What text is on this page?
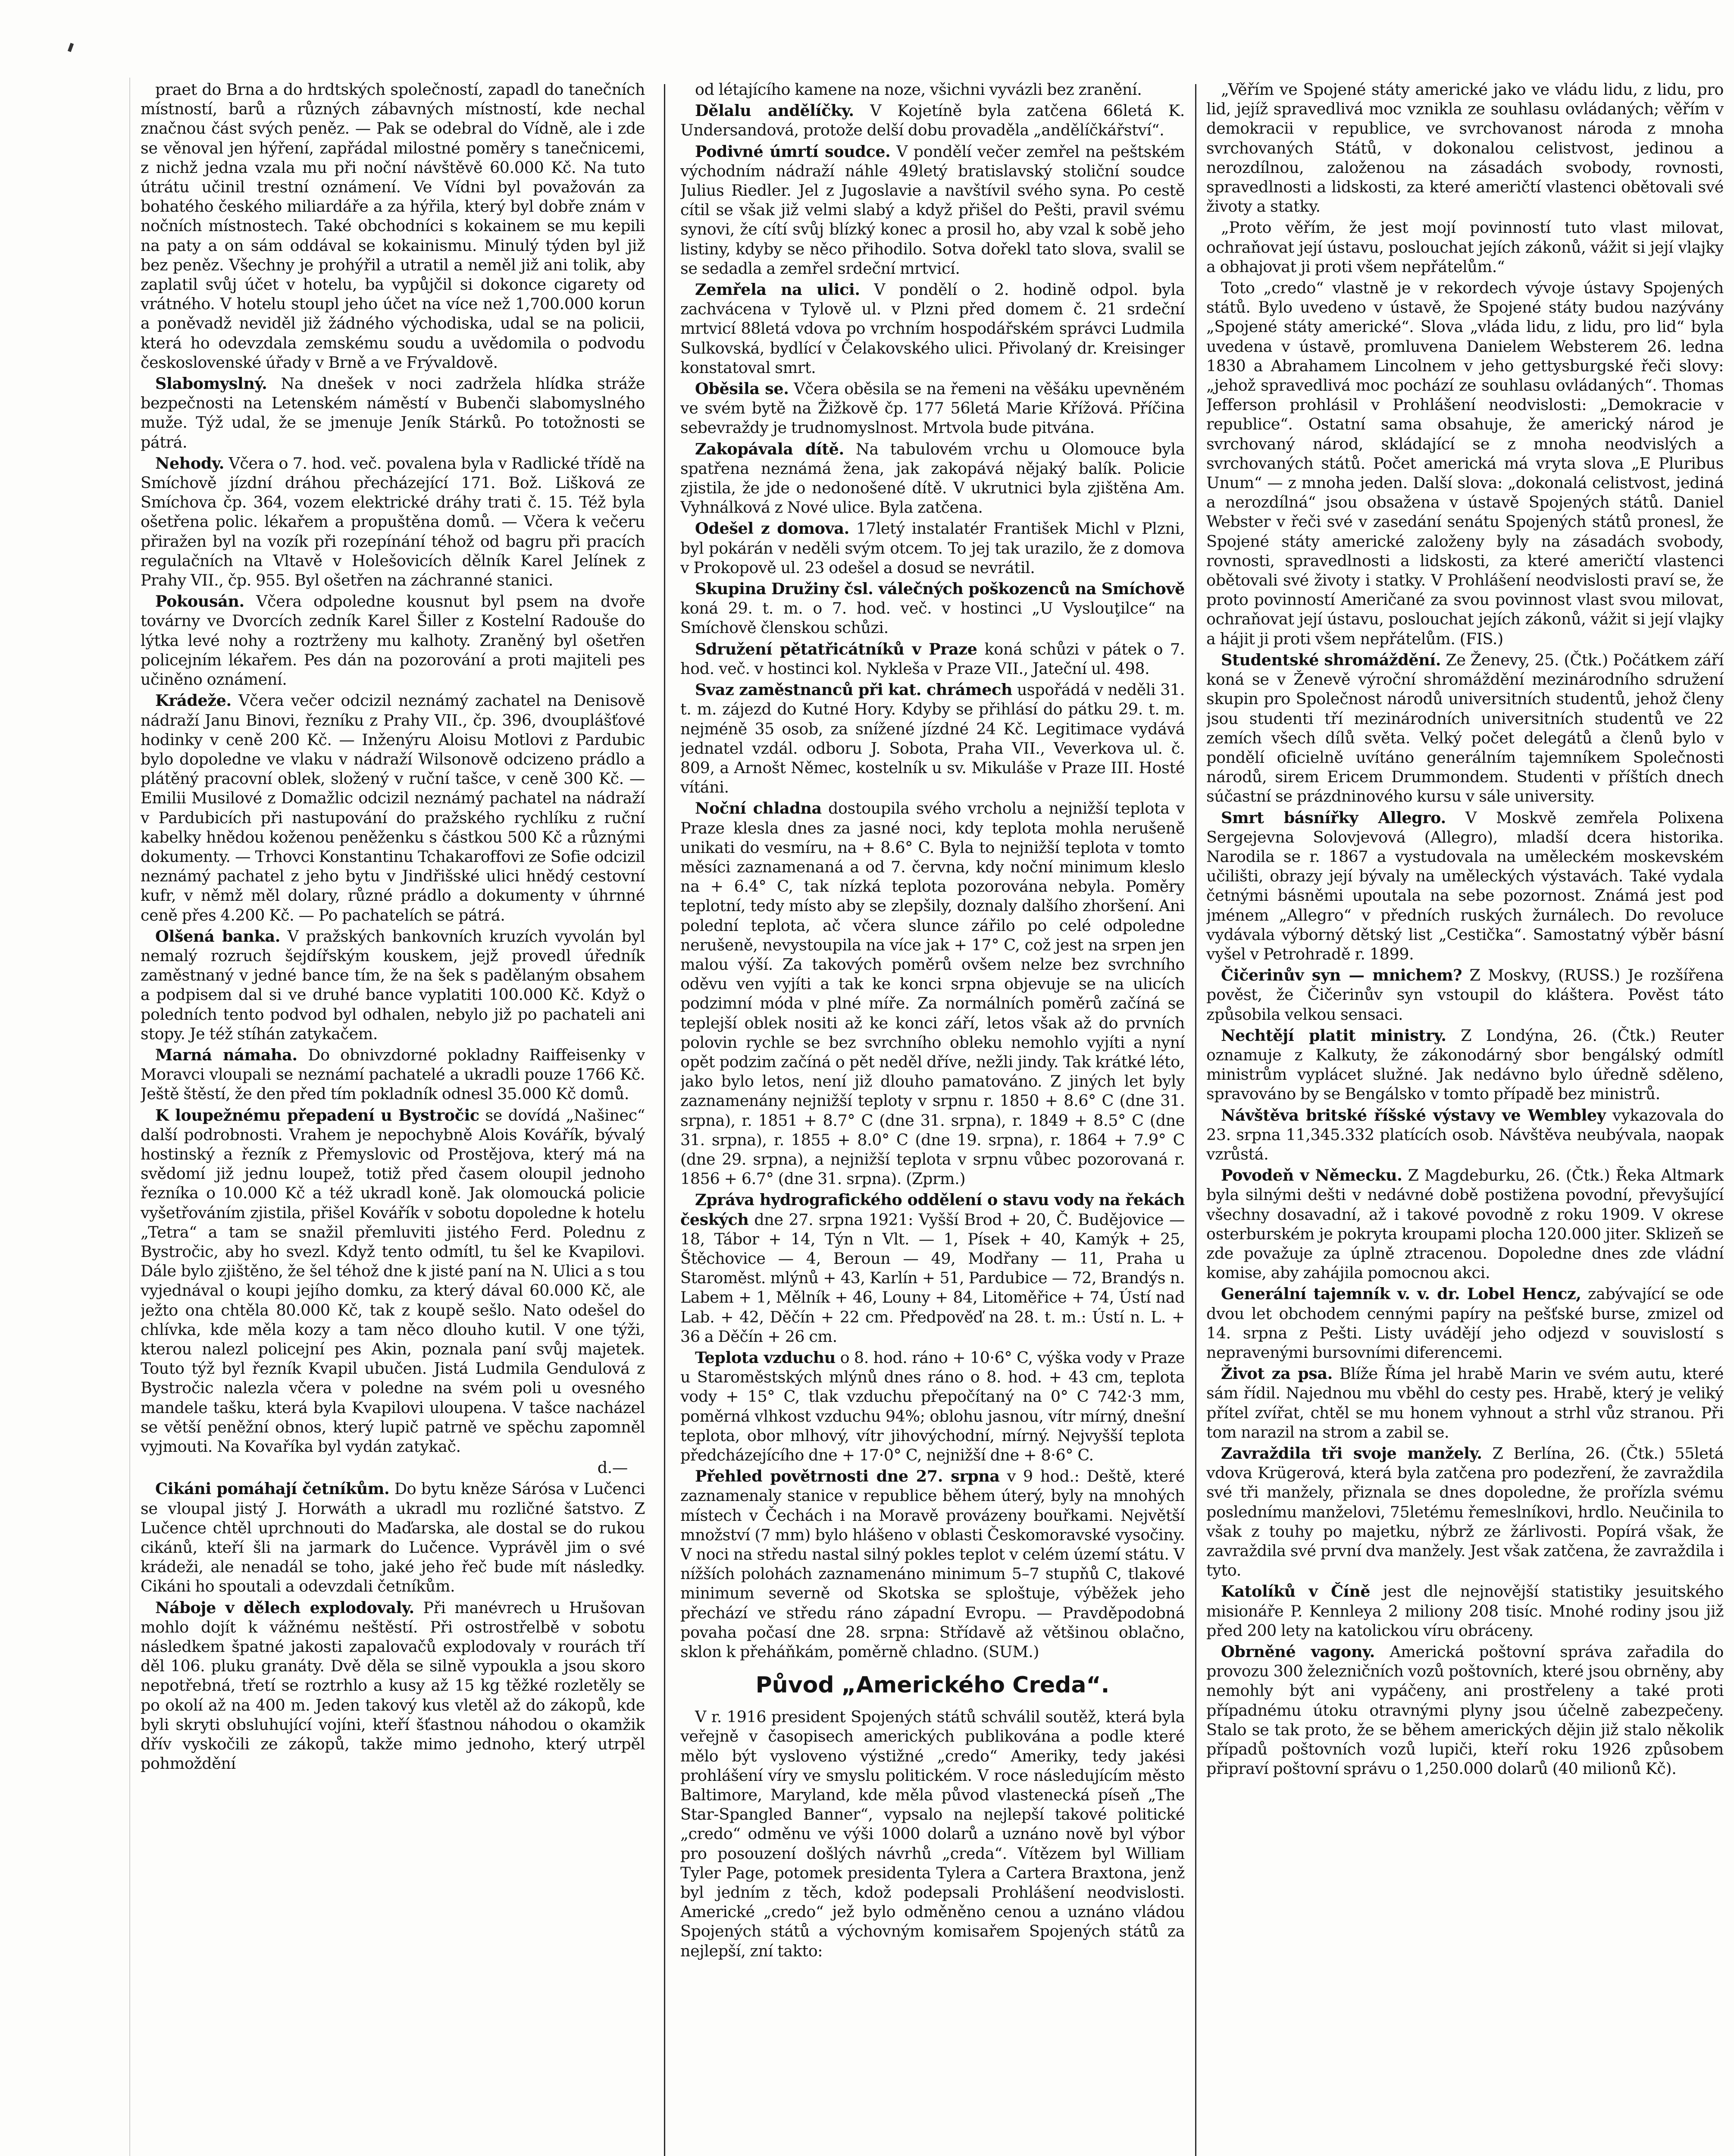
praet do Brna a do hrdtských společností, zapadl do tanečních místností, barů a různých zábavných místností, kde nechal značnou část svých peněz. — Pak se odebral do Vídně, ale i zde se věnoval jen hýření, zapřádal milostné poměry s tanečnicemi, z nichž jedna vzala mu při noční návštěvě 60.000 Kč. Na tuto útrátu učinil trestní oznámení. Ve Vídni byl považován za bohatého českého miliardáře a za hýřila, který byl dobře znám v nočních místnostech. Také obchodníci s kokainem se mu kepili na paty a on sám oddával se kokainismu. Minulý týden byl již bez peněz. Všechny je prohýřil a utratil a neměl již ani tolik, aby zaplatil svůj účet v hotelu, ba vypůjčil si dokonce cigarety od vrátného. V hotelu stoupl jeho účet na více než 1,700.000 korun a poněvadž neviděl již žádného východiska, udal se na policii, která ho odevzdala zemskému soudu a uvědomila o podvodu československé úřady v Brně a ve Frývaldově.

Slabomyslný. Na dnešek v noci zadržela hlídka stráže bezpečnosti na Letenském náměstí v Bubenči slabomyslného muže. Týž udal, že se jmenuje Jeník Stárků. Po totožnosti se pátrá.

Nehody. Včera o 7. hod. več. povalena byla v Radlické třídě na Smíchově jízdní dráhou přecházející 171. Bož. Lišková ze Smíchova čp. 364, vozem elektrické dráhy trati č. 15. Též byla ošetřena polic. lékařem a propuštěna domů. — Včera k večeru přiražen byl na vozík při rozepínání téhož od bagru při pracích regulačních na Vltavě v Holešovicích dělník Karel Jelínek z Prahy VII., čp. 955. Byl ošetřen na záchranné stanici.

Pokousán. Včera odpoledne kousnut byl psem na dvoře továrny ve Dvorcích zedník Karel Šiller z Kostelní Radouše do lýtka levé nohy a roztrženy mu kalhoty. Zraněný byl ošetřen policejním lékařem. Pes dán na pozorování a proti majiteli pes učiněno oznámení.

Krádeže. Včera večer odcizil neznámý zachatel na Denisově nádraží Janu Binovi, řezníku z Prahy VII., čp. 396, dvouplášťové hodinky v ceně 200 Kč. — Inženýru Aloisu Motlovi z Pardubic bylo dopoledne ve vlaku v nádraží Wilsonově odcizeno prádlo a plátěný pracovní oblek, složený v ruční tašce, v ceně 300 Kč. — Emilii Musilové z Domažlic odcizil neznámý pachatel na nádraží v Pardubicích při nastupování do pražského rychlíku z ruční kabelky hnědou koženou peněženku s částkou 500 Kč a různými dokumenty. — Trhovci Konstantinu Tchakaroffovi ze Sofie odcizil neznámý pachatel z jeho bytu v Jindřišské ulici hnědý cestovní kufr, v němž měl dolary, různé prádlo a dokumenty v úhrnné ceně přes 4.200 Kč. — Po pachatelích se pátrá.

Olšená banka. V pražských bankovních kruzích vyvolán byl nemalý rozruch šejdířským kouskem, jejž provedl úředník zaměstnaný v jedné bance tím, že na šek s padělaným obsahem a podpisem dal si ve druhé bance vyplatiti 100.000 Kč. Když o poledních tento podvod byl odhalen, nebylo již po pachateli ani stopy. Je též stíhán zatykačem.

Marná námaha. Do obnivzdorné pokladny Raiffeisenky v Moravci vloupali se neznámí pachatelé a ukradli pouze 1766 Kč. Ještě štěstí, že den před tím pokladník odnesl 35.000 Kč domů.

K loupežnému přepadení u Bystročic se dovídá „Našinec“ další podrobnosti. Vrahem je nepochybně Alois Kovářík, bývalý hostinský a řezník z Přemyslovic od Prostějova, který má na svědomí již jednu loupež, totiž před časem oloupil jednoho řezníka o 10.000 Kč a též ukradl koně. Jak olomoucká policie vyšetřováním zjistila, přišel Kovářík v sobotu dopoledne k hotelu „Tetra“ a tam se snažil přemluviti jistého Ferd. Polednu z Bystročic, aby ho svezl. Když tento odmítl, tu šel ke Kvapilovi. Dále bylo zjištěno, že šel téhož dne k jisté paní na N. Ulici a s tou vyjednával o koupi jejího domku, za který dával 60.000 Kč, ale ježto ona chtěla 80.000 Kč, tak z koupě sešlo. Nato odešel do chlívka, kde měla kozy a tam něco dlouho kutil. V one týži, kterou nalezl policejní pes Akin, poznala paní svůj majetek. Touto týž byl řezník Kvapil ubučen. Jistá Ludmila Gendulová z Bystročic nalezla včera v poledne na svém poli u ovesného mandele tašku, která byla Kvapilovi uloupena. V tašce nacházel se větší peněžní obnos, který lupič patrně ve spěchu zapomněl vyjmouti. Na Kovaříka byl vydán zatykač.

d.—

Cikáni pomáhají četníkům. Do bytu kněze Sárósa v Lučenci se vloupal jistý J. Horwáth a ukradl mu rozličné šatstvo. Z Lučence chtěl uprchnouti do Maďarska, ale dostal se do rukou cikánů, kteří šli na jarmark do Lučence. Vyprávěl jim o své krádeži, ale nenadál se toho, jaké jeho řeč bude mít následky. Cikáni ho spoutali a odevzdali četníkům.

Náboje v dělech explodovaly. Při manévrech u Hrušovan mohlo dojít k vážnému neštěstí. Při ostrostřelbě v sobotu následkem špatné jakosti zapalovačů explodovaly v rourách tří děl 106. pluku granáty. Dvě děla se silně vypoukla a jsou skoro nepotřebná, třetí se roztrhlo a kusy až 15 kg těžké rozletěly se po okolí až na 400 m. Jeden takový kus vletěl až do zákopů, kde byli skryti obsluhující vojíni, kteří šťastnou náhodou o okamžik dřív vyskočili ze zákopů, takže mimo jednoho, který utrpěl pohmoždění

od létajícího kamene na noze, všichni vyvázli bez zranění.

Dělalu andělíčky. V Kojetíně byla zatčena 66letá K. Undersandová, protože delší dobu provaděla „andělíčkářství“.

Podivné úmrtí soudce. V pondělí večer zemřel na peštském východním nádraží náhle 49letý bratislavský stoliční soudce Julius Riedler. Jel z Jugoslavie a navštívil svého syna. Po cestě cítil se však již velmi slabý a když přišel do Pešti, pravil svému synovi, že cítí svůj blízký konec a prosil ho, aby vzal k sobě jeho listiny, kdyby se něco přihodilo. Sotva dořekl tato slova, svalil se se sedadla a zemřel srdeční mrtvicí.

Zemřela na ulici. V pondělí o 2. hodině odpol. byla zachvácena v Tylově ul. v Plzni před domem č. 21 srdeční mrtvicí 88letá vdova po vrchním hospodářském správci Ludmila Sulkovská, bydlící v Čelakovského ulici. Přivolaný dr. Kreisinger konstatoval smrt.

Oběsila se. Včera oběsila se na řemeni na věšáku upevněném ve svém bytě na Žižkově čp. 177 56letá Marie Křížová. Příčina sebevraždy je trudnomyslnost. Mrtvola bude pitvána.

Zakopávala dítě. Na tabulovém vrchu u Olomouce byla spatřena neznámá žena, jak zakopává nějaký balík. Policie zjistila, že jde o nedonošené dítě. V ukrutnici byla zjištěna Am. Vyhnálková z Nové ulice. Byla zatčena.

Odešel z domova. 17letý instalatér František Michl v Plzni, byl pokárán v neděli svým otcem. To jej tak urazilo, že z domova v Prokopově ul. 23 odešel a dosud se nevrátil.

Skupina Družiny čsl. válečných poškozenců na Smíchově koná 29. t. m. o 7. hod. več. v hostinci „U Vyslouţilce“ na Smíchově členskou schůzi.

Sdružení pětatřicátníků v Praze koná schůzi v pátek o 7. hod. več. v hostinci kol. Nykleša v Praze VII., Jateční ul. 498.

Svaz zaměstnanců při kat. chrámech uspořádá v neděli 31. t. m. zájezd do Kutné Hory. Kdyby se přihlásí do pátku 29. t. m. nejméně 35 osob, za snížené jízdné 24 Kč. Legitimace vydává jednatel vzdál. odboru J. Sobota, Praha VII., Veverkova ul. č. 809, a Arnošt Němec, kostelník u sv. Mikuláše v Praze III. Hosté vítáni.

Noční chladna dostoupila svého vrcholu a nejnižší teplota v Praze klesla dnes za jasné noci, kdy teplota mohla nerušeně unikati do vesmíru, na + 8.6° C. Byla to nejnižší teplota v tomto měsíci zaznamenaná a od 7. června, kdy noční minimum kleslo na + 6.4° C, tak nízká teplota pozorována nebyla. Poměry teplotní, tedy místo aby se zlepšily, doznaly dalšího zhoršení. Ani polední teplota, ač včera slunce zářilo po celé odpoledne nerušeně, nevystoupila na více jak + 17° C, což jest na srpen jen malou výší. Za takových poměrů ovšem nelze bez svrchního oděvu ven vyjíti a tak ke konci srpna objevuje se na ulicích podzimní móda v plné míře. Za normálních poměrů začíná se teplejší oblek nositi až ke konci září, letos však až do prvních polovin rychle se bez svrchního obleku nemohlo vyjíti a nyní opět podzim začíná o pět neděl dříve, nežli jindy. Tak krátké léto, jako bylo letos, není již dlouho pamatováno. Z jiných let byly zaznamenány nejnižší teploty v srpnu r. 1850 + 8.6° C (dne 31. srpna), r. 1851 + 8.7° C (dne 31. srpna), r. 1849 + 8.5° C (dne 31. srpna), r. 1855 + 8.0° C (dne 19. srpna), r. 1864 + 7.9° C (dne 29. srpna), a nejnižší teplota v srpnu vůbec pozorovaná r. 1856 + 6.7° (dne 31. srpna). (Zprm.)

Zpráva hydrografického oddělení o stavu vody na řekách českých dne 27. srpna 1921: Vyšší Brod + 20, Č. Budějovice — 18, Tábor + 14, Týn n Vlt. — 1, Písek + 40, Kamýk + 25, Štěchovice — 4, Beroun — 49, Modřany — 11, Praha u Staroměst. mlýnů + 43, Karlín + 51, Pardubice — 72, Brandýs n. Labem + 1, Mělník + 46, Louny + 84, Litoměřice + 74, Ústí nad Lab. + 42, Děčín + 22 cm. Předpověď na 28. t. m.: Ústí n. L. + 36 a Děčín + 26 cm.

Teplota vzduchu o 8. hod. ráno + 10·6° C, výška vody v Praze u Staroměstských mlýnů dnes ráno o 8. hod. + 43 cm, teplota vody + 15° C, tlak vzduchu přepočítaný na 0° C 742·3 mm, poměrná vlhkost vzduchu 94%; oblohu jasnou, vítr mírný, dnešní teplota, obor mlhový, vítr jihovýchodní, mírný. Nejvyšší teplota předcházejícího dne + 17·0° C, nejnižší dne + 8·6° C.

Přehled povětrnosti dne 27. srpna v 9 hod.: Deště, které zaznamenaly stanice v republice během úterý, byly na mnohých místech v Čechách i na Moravě provázeny bouřkami. Největší množství (7 mm) bylo hlášeno v oblasti Českomoravské vysočiny. V noci na středu nastal silný pokles teplot v celém území státu. V nížších polohách zaznamenáno minimum 5–7 stupňů C, tlakové minimum severně od Skotska se sploštuje, výběžek jeho přechází ve středu ráno západní Evropu. — Pravděpodobná povaha počasí dne 28. srpna: Střídavě až většinou oblačno, sklon k přeháňkám, poměrně chladno. (SUM.)

Původ „Amerického Creda“.

V r. 1916 president Spojených států schválil soutěž, která byla veřejně v časopisech amerických publikována a podle které mělo být vysloveno výstižné „credo“ Ameriky, tedy jakési prohlášení víry ve smyslu politickém. V roce následujícím město Baltimore, Maryland, kde měla původ vlastenecká píseň „The Star-Spangled Banner“, vypsalo na nejlepší takové politické „credo“ odměnu ve výši 1000 dolarů a uznáno nově byl výbor pro posouzení došlých návrhů „creda“. Vítězem byl William Tyler Page, potomek presidenta Tylera a Cartera Braxtona, jenž byl jedním z těch, kdož podepsali Prohlášení neodvislosti. Americké „credo“ jež bylo odměněno cenou a uznáno vládou Spojených států a výchovným komisařem Spojených států za nejlepší, zní takto:

„Věřím ve Spojené státy americké jako ve vládu lidu, z lidu, pro lid, jejíž spravedlivá moc vznikla ze souhlasu ovládaných; věřím v demokracii v republice, ve svrchovanost národa z mnoha svrchovaných Států, v dokonalou celistvost, jedinou a nerozdílnou, založenou na zásadách svobody, rovnosti, spravedlnosti a lidskosti, za které američtí vlastenci obětovali své životy a statky.

„Proto věřím, že jest mojí povinností tuto vlast milovat, ochraňovat její ústavu, poslouchat jejích zákonů, vážit si její vlajky a obhajovat ji proti všem nepřátelům.“

Toto „credo“ vlastně je v rekordech vývoje ústavy Spojených států. Bylo uvedeno v ústavě, že Spojené státy budou nazývány „Spojené státy americké“. Slova „vláda lidu, z lidu, pro lid“ byla uvedena v ústavě, promluvena Danielem Websterem 26. ledna 1830 a Abrahamem Lincolnem v jeho gettysburgské řeči slovy: „jehož spravedlivá moc pochází ze souhlasu ovládaných“. Thomas Jefferson prohlásil v Prohlášení neodvislosti: „Demokracie v republice“. Ostatní sama obsahuje, že americký národ je svrchovaný národ, skládající se z mnoha neodvislých a svrchovaných států. Počet americká má vryta slova „E Pluribus Unum“ — z mnoha jeden. Další slova: „dokonalá celistvost, jediná a nerozdílná“ jsou obsažena v ústavě Spojených států. Daniel Webster v řeči své v zasedání senátu Spojených států pronesl, že Spojené státy americké založeny byly na zásadách svobody, rovnosti, spravedlnosti a lidskosti, za které američtí vlastenci obětovali své životy i statky. V Prohlášení neodvislosti praví se, že proto povinností Američané za svou povinnost vlast svou milovat, ochraňovat její ústavu, poslouchat jejích zákonů, vážit si její vlajky a hájit ji proti všem nepřátelům. (FIS.)

Studentské shromáždění. Ze Ženevy, 25. (Čtk.) Počátkem září koná se v Ženevě výroční shromáždění mezinárodního sdružení skupin pro Společnost národů universitních studentů, jehož členy jsou studenti tří mezinárodních universitních studentů ve 22 zemích všech dílů světa. Velký počet delegátů a členů bylo v pondělí oficielně uvítáno generálním tajemníkem Společnosti národů, sirem Ericem Drummondem. Studenti v příštích dnech súčastní se prázdninového kursu v sále university.

Smrt básnířky Allegro. V Moskvě zemřela Polixena Sergejevna Solovjevová (Allegro), mladší dcera historika. Narodila se r. 1867 a vystudovala na uměleckém moskevském učilišti, obrazy její bývaly na uměleckých výstavách. Také vydala četnými básněmi upoutala na sebe pozornost. Známá jest pod jménem „Allegro“ v předních ruských žurnálech. Do revoluce vydávala výborný dětský list „Cestička“. Samostatný výběr básní vyšel v Petrohradě r. 1899.

Čičerinův syn — mnichem? Z Moskvy, (RUSS.) Je rozšířena pověst, že Čičerinův syn vstoupil do kláštera. Pověst táto způsobila velkou sensaci.

Nechtějí platit ministry. Z Londýna, 26. (Čtk.) Reuter oznamuje z Kalkuty, že zákonodárný sbor bengálský odmítl ministrům vyplácet služné. Jak nedávno bylo úředně sděleno, spravováno by se Bengálsko v tomto případě bez ministrů.

Návštěva britské říšské výstavy ve Wembley vykazovala do 23. srpna 11,345.332 platících osob. Návštěva neubývala, naopak vzrůstá.

Povodeň v Německu. Z Magdeburku, 26. (Čtk.) Řeka Altmark byla silnými dešti v nedávné době postižena povodní, převyšující všechny dosavadní, až i takové povodně z roku 1909. V okrese osterburském je pokryta kroupami plocha 120.000 jiter. Sklizeň se zde považuje za úplně ztracenou. Dopoledne dnes zde vládní komise, aby zahájila pomocnou akci.

Generální tajemník v. v. dr. Lobel Hencz, zabývající se ode dvou let obchodem cennými papíry na pešťské burse, zmizel od 14. srpna z Pešti. Listy uvádějí jeho odjezd v souvislostí s nepravenými bursovními diferencemi.

Život za psa. Blíže Říma jel hrabě Marin ve svém autu, které sám řídil. Najednou mu vběhl do cesty pes. Hrabě, který je veliký přítel zvířat, chtěl se mu honem vyhnout a strhl vůz stranou. Při tom narazil na strom a zabil se.

Zavraždila tři svoje manžely. Z Berlína, 26. (Čtk.) 55letá vdova Krügerová, která byla zatčena pro podezření, že zavraždila své tři manžely, přiznala se dnes dopoledne, že prořízla svému poslednímu manželovi, 75letému řemeslníkovi, hrdlo. Neučinila to však z touhy po majetku, nýbrž ze žárlivosti. Popírá však, že zavraždila své první dva manžely. Jest však zatčena, že zavraždila i tyto.

Katolíků v Číně jest dle nejnovější statistiky jesuitského misionáře P. Kennleya 2 miliony 208 tisíc. Mnohé rodiny jsou již před 200 lety na katolickou víru obráceny.

Obrněné vagony. Americká poštovní správa zařadila do provozu 300 železničních vozů poštovních, které jsou obrněny, aby nemohly být ani vypáčeny, ani prostřeleny a také proti případnému útoku otravnými plyny jsou účelně zabezpečeny. Stalo se tak proto, že se během amerických dějin již stalo několik případů poštovních vozů lupiči, kteří roku 1926 způsobem připraví poštovní správu o 1,250.000 dolarů (40 milionů Kč).
